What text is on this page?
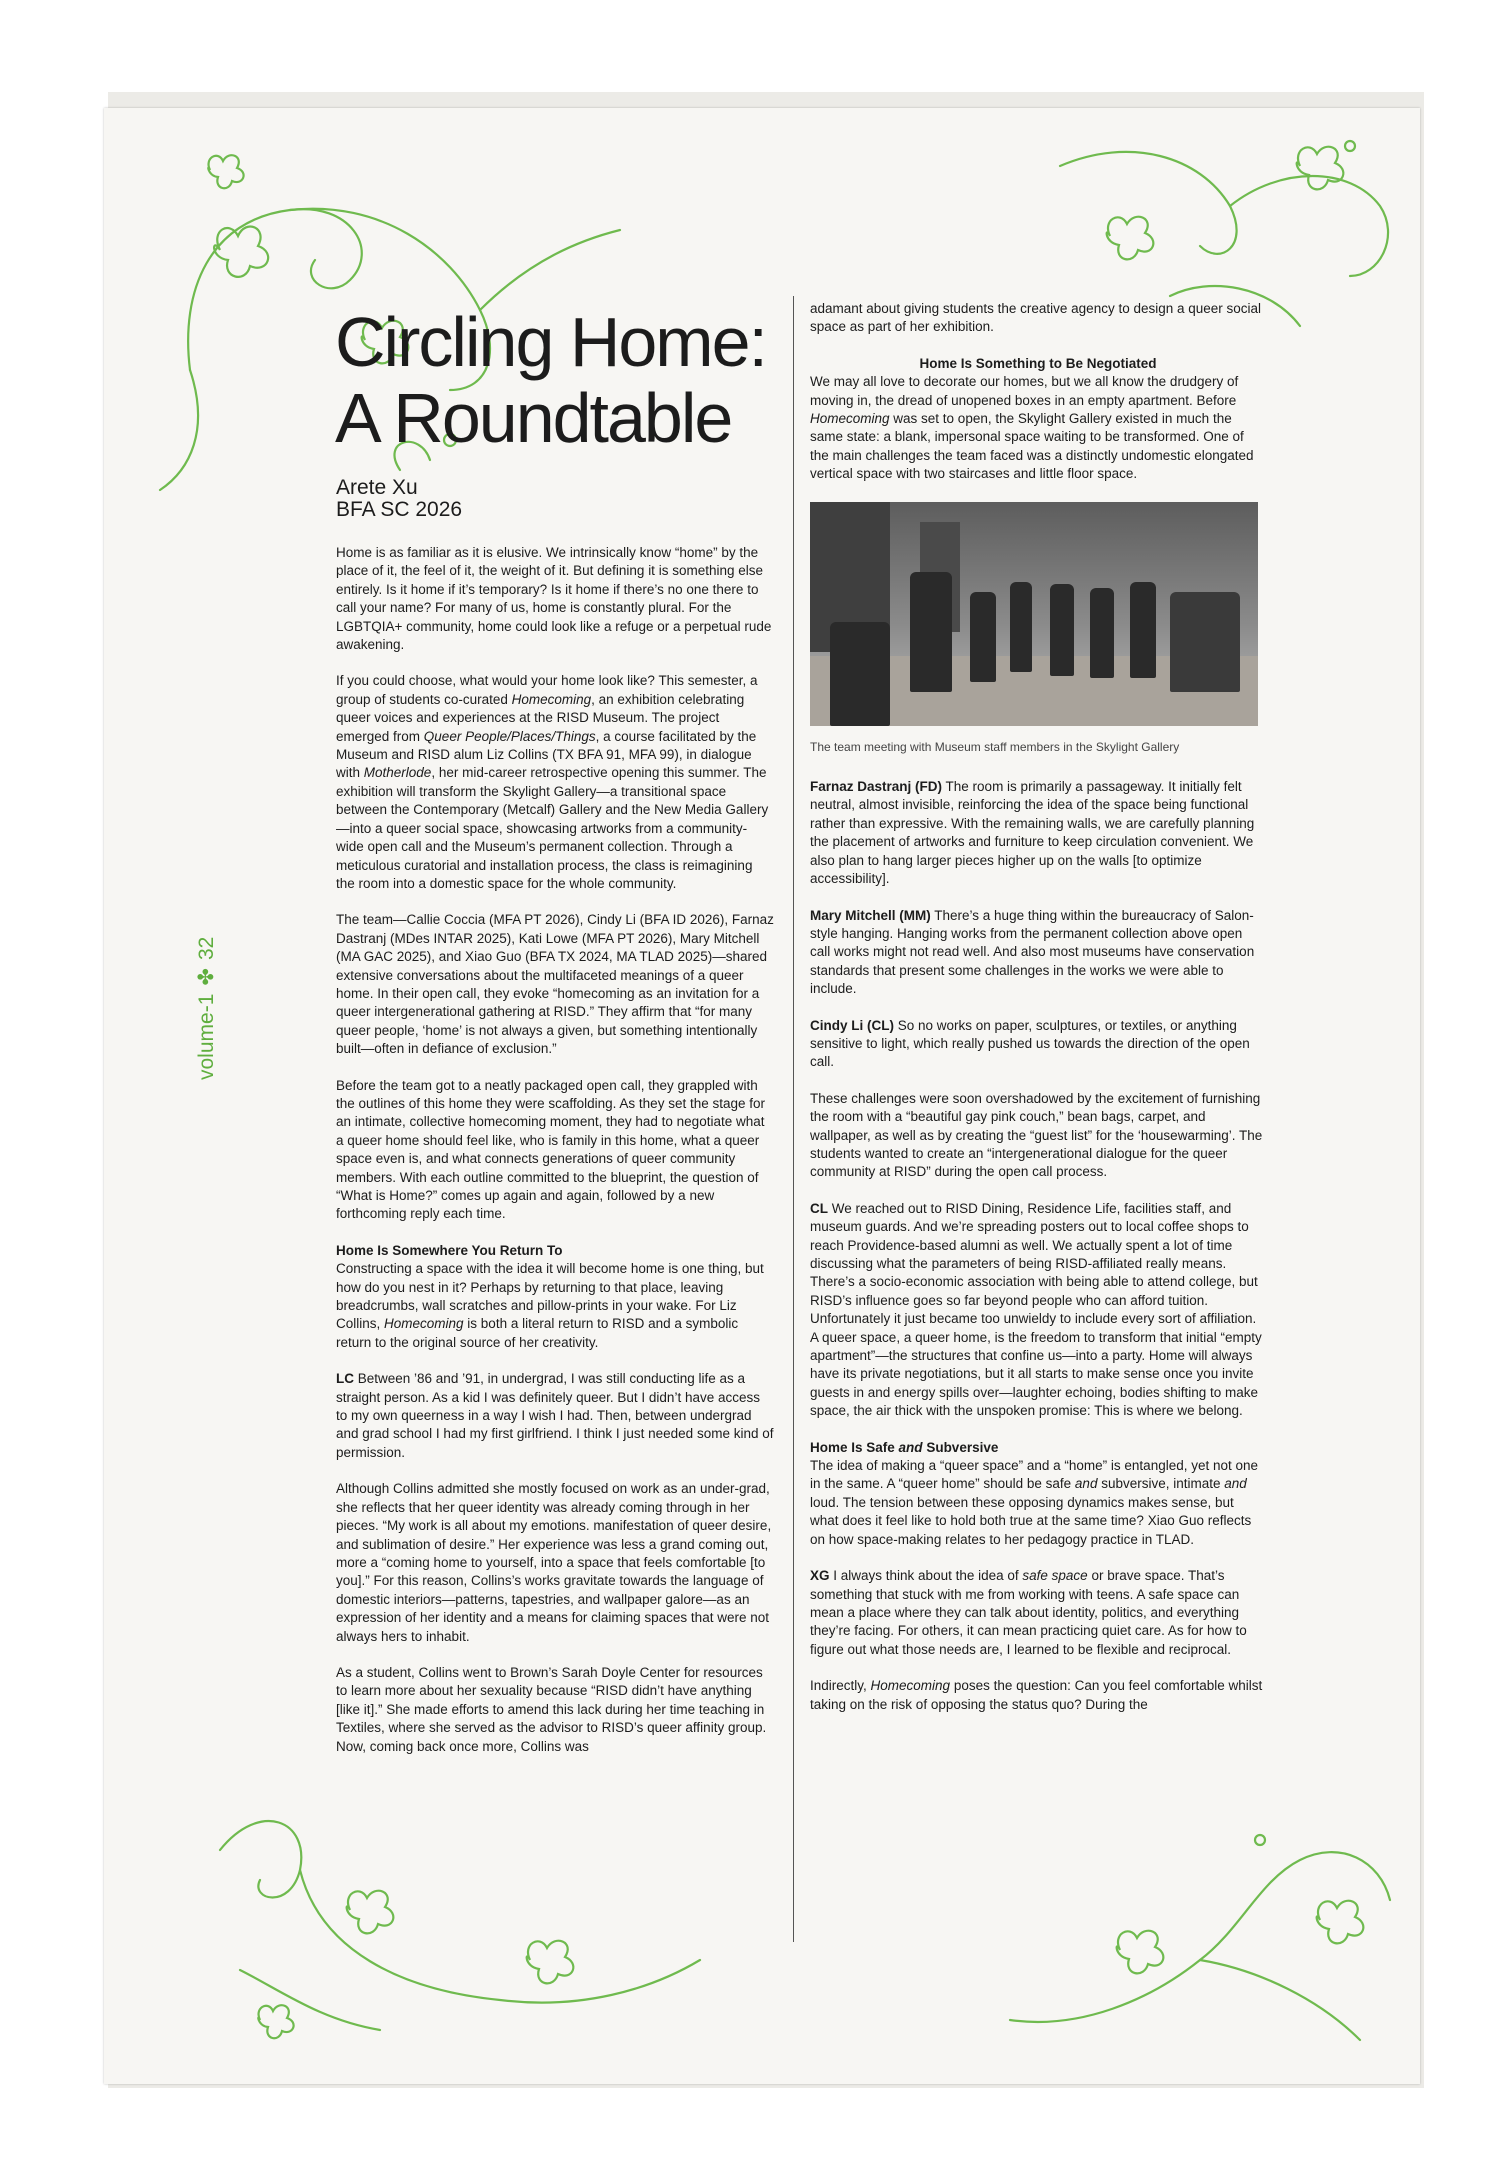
volume-1
✤
32
Circling Home:
A Roundtable
Arete Xu
BFA SC 2026

Home is as familiar as it is elusive. We intrinsically know “home” by the place of it, the feel of it, the weight of it. But defining it is something else entirely. Is it home if it’s temporary? Is it home if there’s no one there to call your name? For many of us, home is constantly plural. For the LGBTQIA+ community, home could look like a refuge or a perpetual rude awakening.

If you could choose, what would your home look like? This semester, a group of students co-curated Homecoming, an exhibition celebrating queer voices and experiences at the RISD Museum. The project emerged from Queer People/Places/Things, a course facilitated by the Museum and RISD alum Liz Collins (TX BFA 91, MFA 99), in dialogue with Motherlode, her mid-career retrospective opening this summer. The exhibition will transform the Skylight Gallery—a transitional space between the Contemporary (Metcalf) Gallery and the New Media Gallery—into a queer social space, showcasing artworks from a community-wide open call and the Museum’s permanent collection. Through a meticulous curatorial and installation process, the class is reimagining the room into a domestic space for the whole community.

The team—Callie Coccia (MFA PT 2026), Cindy Li (BFA ID 2026), Farnaz Dastranj (MDes INTAR 2025), Kati Lowe (MFA PT 2026), Mary Mitchell (MA GAC 2025), and Xiao Guo (BFA TX 2024, MA TLAD 2025)—shared extensive conversations about the multifaceted meanings of a queer home. In their open call, they evoke “homecoming as an invitation for a queer intergenerational gathering at RISD.” They affirm that “for many queer people, ‘home’ is not always a given, but something intentionally built—often in defiance of exclusion.”

Before the team got to a neatly packaged open call, they grappled with the outlines of this home they were scaffolding. As they set the stage for an intimate, collective homecoming moment, they had to negotiate what a queer home should feel like, who is family in this home, what a queer space even is, and what connects generations of queer community members. With each outline committed to the blueprint, the question of “What is Home?” comes up again and again, followed by a new forthcoming reply each time.

Home Is Somewhere You Return To

Constructing a space with the idea it will become home is one thing, but how do you nest in it? Perhaps by returning to that place, leaving breadcrumbs, wall scratches and pillow-prints in your wake. For Liz Collins, Homecoming is both a literal return to RISD and a symbolic return to the original source of her creativity.

LC Between ’86 and ’91, in undergrad, I was still conducting life as a straight person. As a kid I was definitely queer. But I didn’t have access to my own queerness in a way I wish I had. Then, between undergrad and grad school I had my first girlfriend. I think I just needed some kind of permission.

Although Collins admitted she mostly focused on work as an under-grad, she reflects that her queer identity was already coming through in her pieces. “My work is all about my emotions. manifestation of queer desire, and sublimation of desire.” Her experience was less a grand coming out, more a “coming home to yourself, into a space that feels comfortable [to you].” For this reason, Collins’s works gravitate towards the language of domestic interiors—patterns, tapestries, and wallpaper galore—as an expression of her identity and a means for claiming spaces that were not always hers to inhabit.

As a student, Collins went to Brown’s Sarah Doyle Center for resources to learn more about her sexuality because “RISD didn’t have anything [like it].” She made efforts to amend this lack during her time teaching in Textiles, where she served as the advisor to RISD’s queer affinity group. Now, coming back once more, Collins was

adamant about giving students the creative agency to design a queer social space as part of her exhibition.

Home Is Something to Be Negotiated

We may all love to decorate our homes, but we all know the drudgery of moving in, the dread of unopened boxes in an empty apartment. Before Homecoming was set to open, the Skylight Gallery existed in much the same state: a blank, impersonal space waiting to be transformed. One of the main challenges the team faced was a distinctly undomestic elongated vertical space with two staircases and little floor space.

The team meeting with Museum staff members in the Skylight Gallery

Farnaz Dastranj (FD) The room is primarily a passageway. It initially felt neutral, almost invisible, reinforcing the idea of the space being functional rather than expressive. With the remaining walls, we are carefully planning the placement of artworks and furniture to keep circulation convenient. We also plan to hang larger pieces higher up on the walls [to optimize accessibility].

Mary Mitchell (MM) There’s a huge thing within the bureaucracy of Salon-style hanging. Hanging works from the permanent collection above open call works might not read well. And also most museums have conservation standards that present some challenges in the works we were able to include.

Cindy Li (CL) So no works on paper, sculptures, or textiles, or anything sensitive to light, which really pushed us towards the direction of the open call.

These challenges were soon overshadowed by the excitement of furnishing the room with a “beautiful gay pink couch,” bean bags, carpet, and wallpaper, as well as by creating the “guest list” for the ‘housewarming’. The students wanted to create an “intergenerational dialogue for the queer community at RISD” during the open call process.

CL We reached out to RISD Dining, Residence Life, facilities staff, and museum guards. And we’re spreading posters out to local coffee shops to reach Providence-based alumni as well. We actually spent a lot of time discussing what the parameters of being RISD-affiliated really means. There’s a socio-economic association with being able to attend college, but RISD’s influence goes so far beyond people who can afford tuition. Unfortunately it just became too unwieldy to include every sort of affiliation. A queer space, a queer home, is the freedom to transform that initial “empty apartment”—the structures that confine us—into a party. Home will always have its private negotiations, but it all starts to make sense once you invite guests in and energy spills over—laughter echoing, bodies shifting to make space, the air thick with the unspoken promise: This is where we belong.

Home Is Safe and Subversive

The idea of making a “queer space” and a “home” is entangled, yet not one in the same. A “queer home” should be safe and subversive, intimate and loud. The tension between these opposing dynamics makes sense, but what does it feel like to hold both true at the same time? Xiao Guo reflects on how space-making relates to her pedagogy practice in TLAD.

XG I always think about the idea of safe space or brave space. That’s something that stuck with me from working with teens. A safe space can mean a place where they can talk about identity, politics, and everything they’re facing. For others, it can mean practicing quiet care. As for how to figure out what those needs are, I learned to be flexible and reciprocal.

Indirectly, Homecoming poses the question: Can you feel comfortable whilst taking on the risk of opposing the status quo? During the
